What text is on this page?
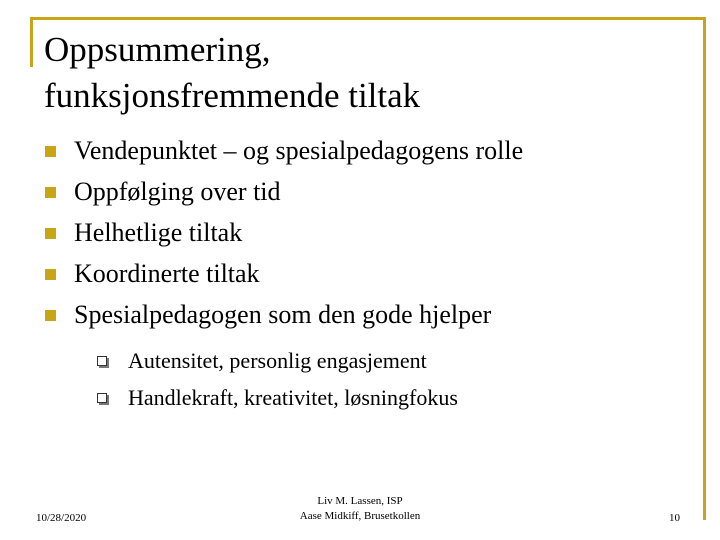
Oppsummering,
funksjonsfremmende tiltak
Vendepunktet – og spesialpedagogens rolle
Oppfølging over tid
Helhetlige tiltak
Koordinerte tiltak
Spesialpedagogen som den gode hjelper
Autensitet, personlig engasjement
Handlekraft, kreativitet, løsningfokus
10/28/2020
Liv M. Lassen, ISP
Aase Midkiff, Brusetkollen	10
